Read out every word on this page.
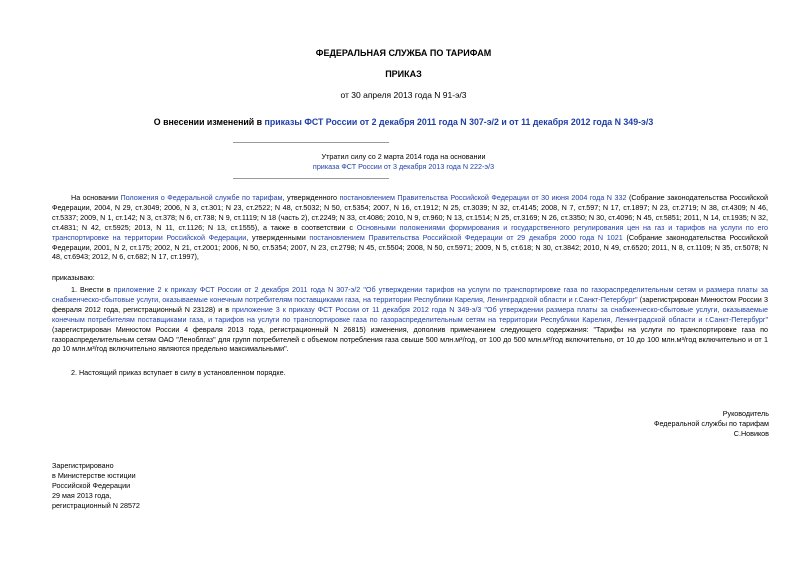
ФЕДЕРАЛЬНАЯ СЛУЖБА ПО ТАРИФАМ
ПРИКАЗ
от 30 апреля 2013 года N 91-э/3
О внесении изменений в приказы ФСТ России от 2 декабря 2011 года N 307-э/2 и от 11 декабря 2012 года N 349-э/3
Утратил силу со 2 марта 2014 года на основании
приказа ФСТ России от 3 декабря 2013 года N 222-э/3
На основании Положения о Федеральной службе по тарифам, утвержденного постановлением Правительства Российской Федерации от 30 июня 2004 года N 332 (Собрание законодательства Российской Федерации, 2004, N 29, ст.3049; 2006, N 3, ст.301; N 23, ст.2522; N 48, ст.5032; N 50, ст.5354; 2007, N 16, ст.1912; N 25, ст.3039; N 32, ст.4145; 2008, N 7, ст.597; N 17, ст.1897; N 23, ст.2719; N 38, ст.4309; N 46, ст.5337; 2009, N 1, ст.142; N 3, ст.378; N 6, ст.738; N 9, ст.1119; N 18 (часть 2), ст.2249; N 33, ст.4086; 2010, N 9, ст.960; N 13, ст.1514; N 25, ст.3169; N 26, ст.3350; N 30, ст.4096; N 45, ст.5851; 2011, N 14, ст.1935; N 32, ст.4831; N 42, ст.5925; 2013, N 11, ст.1126; N 13, ст.1555), а также в соответствии с Основными положениями формирования и государственного регулирования цен на газ и тарифов на услуги по его транспортировке на территории Российской Федерации, утвержденными постановлением Правительства Российской Федерации от 29 декабря 2000 года N 1021 (Собрание законодательства Российской Федерации, 2001, N 2, ст.175; 2002, N 21, ст.2001; 2006, N 50, ст.5354; 2007, N 23, ст.2798; N 45, ст.5504; 2008, N 50, ст.5971; 2009, N 5, ст.618; N 30, ст.3842; 2010, N 49, ст.6520; 2011, N 8, ст.1109; N 35, ст.5078; N 48, ст.6943; 2012, N 6, ст.682; N 17, ст.1997),
приказываю:
1. Внести в приложение 2 к приказу ФСТ России от 2 декабря 2011 года N 307-э/2 "Об утверждении тарифов на услуги по транспортировке газа по газораспределительным сетям и размера платы за снабженческо-сбытовые услуги, оказываемые конечным потребителям поставщиками газа, на территории Республики Карелия, Ленинградской области и г.Санкт-Петербург" (зарегистрирован Минюстом России 3 февраля 2012 года, регистрационный N 23128) и в приложение 3 к приказу ФСТ России от 11 декабря 2012 года N 349-э/3 "Об утверждении размера платы за снабженческо-сбытовые услуги, оказываемые конечным потребителям поставщиками газа, и тарифов на услуги по транспортировке газа по газораспределительным сетям на территории Республики Карелия, Ленинградской области и г.Санкт-Петербург" (зарегистрирован Минюстом России 4 февраля 2013 года, регистрационный N 26815) изменения, дополнив примечанием следующего содержания: "Тарифы на услуги по транспортировке газа по газораспределительным сетям ОАО "Леноблгаз" для групп потребителей с объемом потребления газа свыше 500 млн.м³/год, от 100 до 500 млн.м³/год включительно, от 10 до 100 млн.м³/год включительно и от 1 до 10 млн.м³/год включительно являются предельно максимальными".
2. Настоящий приказ вступает в силу в установленном порядке.
Руководитель
Федеральной службы по тарифам
С.Новиков
Зарегистрировано
в Министерстве юстиции
Российской Федерации
29 мая 2013 года,
регистрационный N 28572
